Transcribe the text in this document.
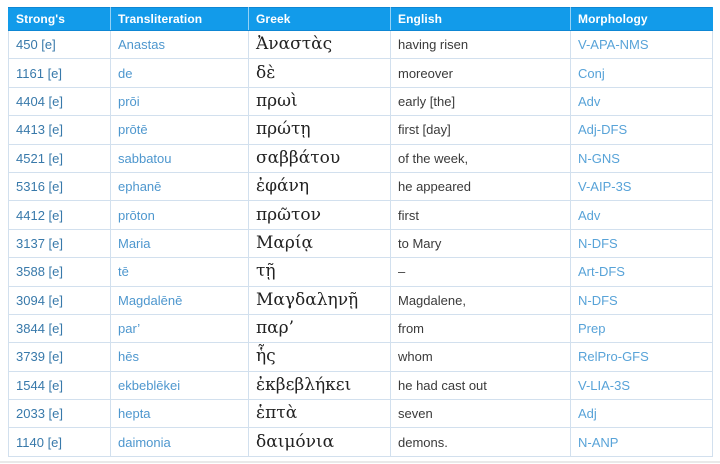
Strong's	Transliteration	Greek	English	Morphology
450 [e]	Anastas	Ἀναστὰς	having risen	V-APA-NMS
1161 [e]	de	δὲ	moreover	Conj
4404 [e]	prōi	πρωὶ	early [the]	Adv
4413 [e]	prōtē	πρώτῃ	first [day]	Adj-DFS
4521 [e]	sabbatou	σαββάτου	of the week,	N-GNS
5316 [e]	ephanē	ἐφάνη	he appeared	V-AIP-3S
4412 [e]	prōton	πρῶτον	first	Adv
3137 [e]	Maria	Μαρίᾳ	to Mary	N-DFS
3588 [e]	tē	τῇ	–	Art-DFS
3094 [e]	Magdalēnē	Μαγδαληνῇ	Magdalene,	N-DFS
3844 [e]	par’	παρ’	from	Prep
3739 [e]	hēs	ἧς	whom	RelPro-GFS
1544 [e]	ekbeblēkei	ἐκβεβλήκει	he had cast out	V-LIA-3S
2033 [e]	hepta	ἑπτὰ	seven	Adj
1140 [e]	daimonia	δαιμόνια	demons.	N-ANP
